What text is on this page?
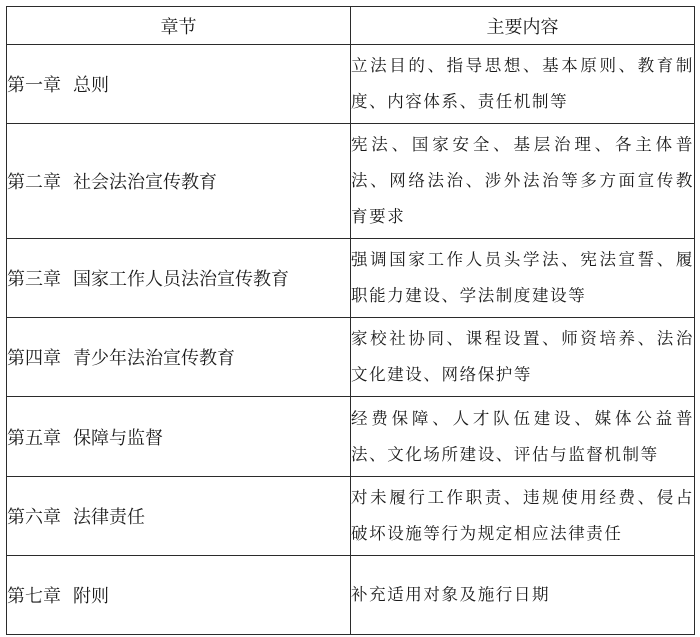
章节	主要内容
第一章 总则	立法目的、指导思想、基本原则、教育制度、内容体系、责任机制等
第二章 社会法治宣传教育	宪法、国家安全、基层治理、各主体普法、网络法治、涉外法治等多方面宣传教育要求
第三章 国家工作人员法治宣传教育	强调国家工作人员头学法、宪法宣誓、履职能力建设、学法制度建设等
第四章 青少年法治宣传教育	家校社协同、课程设置、师资培养、法治文化建设、网络保护等
第五章 保障与监督	经费保障、人才队伍建设、媒体公益普法、文化场所建设、评估与监督机制等
第六章 法律责任	对未履行工作职责、违规使用经费、侵占破坏设施等行为规定相应法律责任
第七章 附则	补充适用对象及施行日期
